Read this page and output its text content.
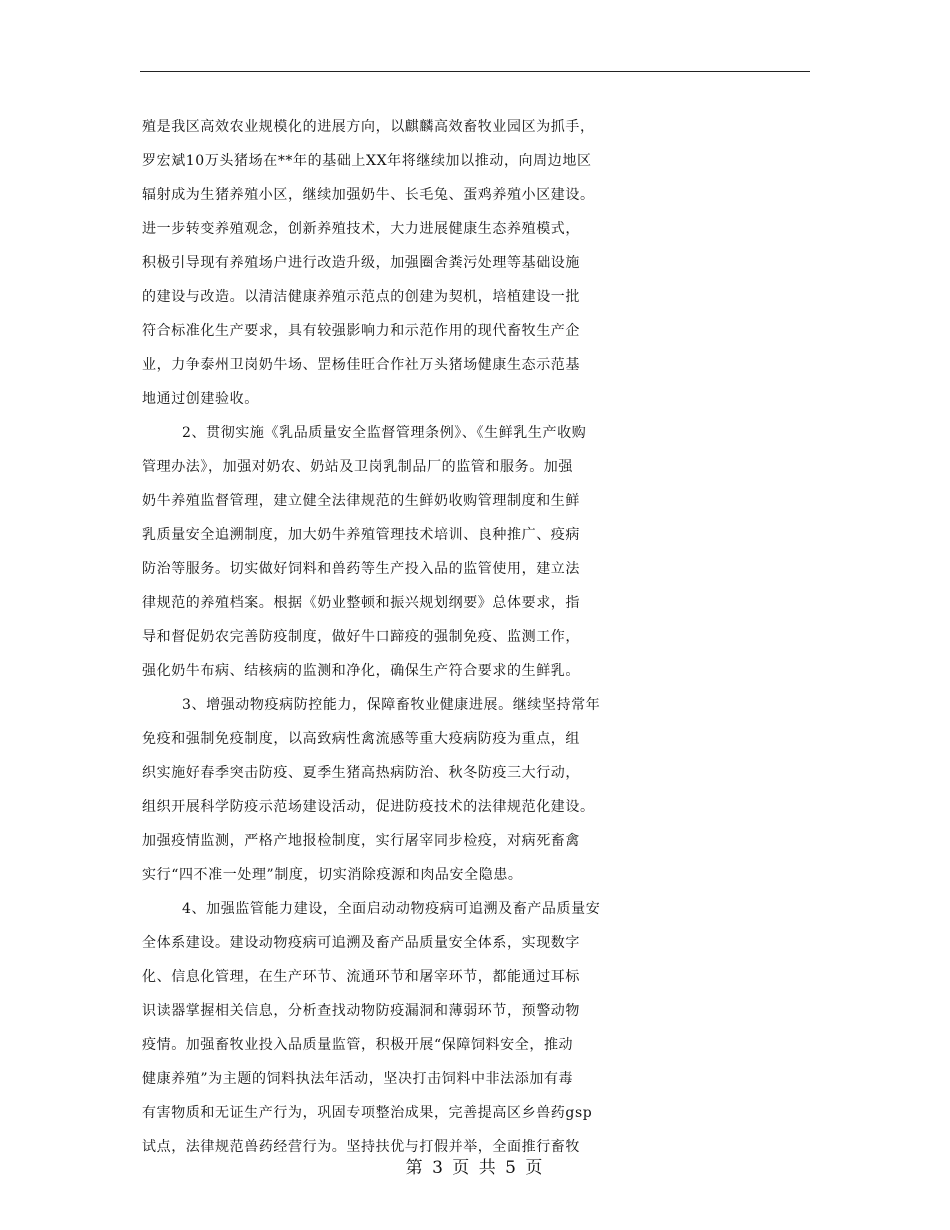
殖是我区高效农业规模化的进展方向，以麒麟高效畜牧业园区为抓手，
罗宏斌10万头猪场在**年的基础上XX年将继续加以推动，向周边地区
辐射成为生猪养殖小区，继续加强奶牛、长毛兔、蛋鸡养殖小区建设。
进一步转变养殖观念，创新养殖技术，大力进展健康生态养殖模式，
积极引导现有养殖场户进行改造升级，加强圈舍粪污处理等基础设施
的建设与改造。以清洁健康养殖示范点的创建为契机，培植建设一批
符合标准化生产要求，具有较强影响力和示范作用的现代畜牧生产企
业，力争泰州卫岗奶牛场、罡杨佳旺合作社万头猪场健康生态示范基
地通过创建验收。
2、贯彻实施《乳品质量安全监督管理条例》、《生鲜乳生产收购
管理办法》，加强对奶农、奶站及卫岗乳制品厂的监管和服务。加强
奶牛养殖监督管理，建立健全法律规范的生鲜奶收购管理制度和生鲜
乳质量安全追溯制度，加大奶牛养殖管理技术培训、良种推广、疫病
防治等服务。切实做好饲料和兽药等生产投入品的监管使用，建立法
律规范的养殖档案。根据《奶业整顿和振兴规划纲要》总体要求，指
导和督促奶农完善防疫制度，做好牛口蹄疫的强制免疫、监测工作，
强化奶牛布病、结核病的监测和净化，确保生产符合要求的生鲜乳。
3、增强动物疫病防控能力，保障畜牧业健康进展。继续坚持常年
免疫和强制免疫制度，以高致病性禽流感等重大疫病防疫为重点，组
织实施好春季突击防疫、夏季生猪高热病防治、秋冬防疫三大行动，
组织开展科学防疫示范场建设活动，促进防疫技术的法律规范化建设。
加强疫情监测，严格产地报检制度，实行屠宰同步检疫，对病死畜禽
实行“四不准一处理”制度，切实消除疫源和肉品安全隐患。
4、加强监管能力建设，全面启动动物疫病可追溯及畜产品质量安
全体系建设。建设动物疫病可追溯及畜产品质量安全体系，实现数字
化、信息化管理，在生产环节、流通环节和屠宰环节，都能通过耳标
识读器掌握相关信息，分析查找动物防疫漏洞和薄弱环节，预警动物
疫情。加强畜牧业投入品质量监管，积极开展“保障饲料安全，推动
健康养殖”为主题的饲料执法年活动，坚决打击饲料中非法添加有毒
有害物质和无证生产行为，巩固专项整治成果，完善提高区乡兽药gsp
试点，法律规范兽药经营行为。坚持扶优与打假并举，全面推行畜牧
第 3 页 共 5 页
